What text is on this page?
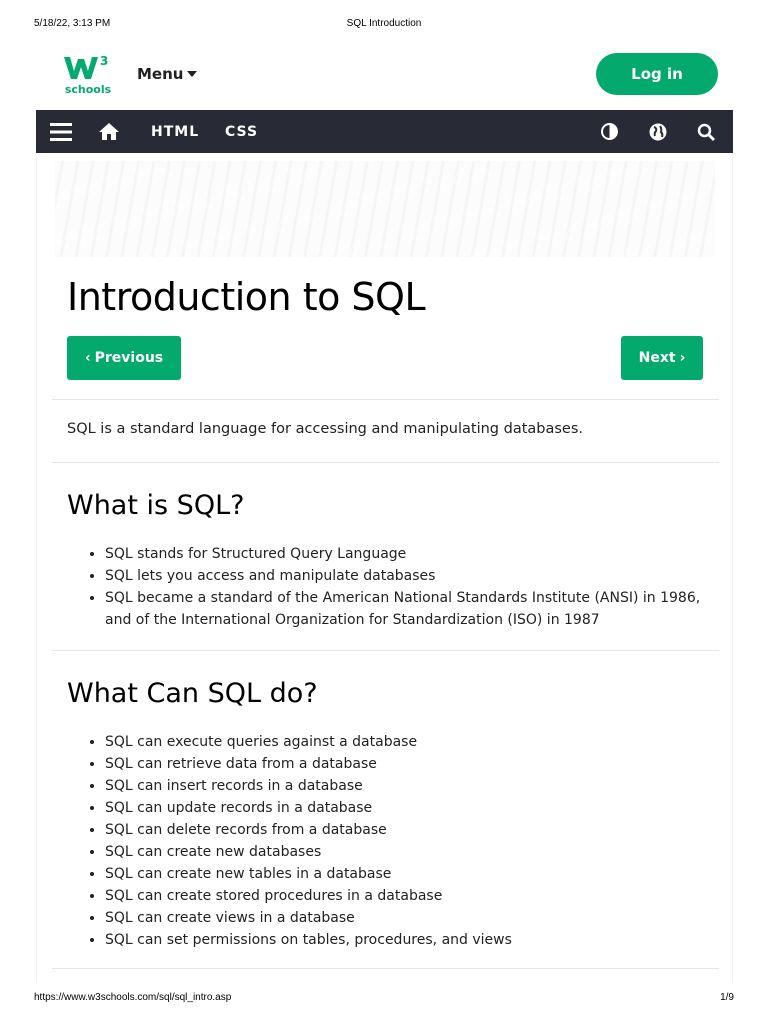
5/18/22, 3:13 PM	SQL Introduction
3
schools
Menu	Log in
HTML CSS
Introduction to SQL
‹ Previous	Next ›

SQL is a standard language for accessing and manipulating databases.

What is SQL?
• SQL stands for Structured Query Language
• SQL lets you access and manipulate databases
• SQL became a standard of the American National Standards Institute (ANSI) in 1986, and of the International Organization for Standardization (ISO) in 1987
What Can SQL do?
• SQL can execute queries against a database
• SQL can retrieve data from a database
• SQL can insert records in a database
• SQL can update records in a database
• SQL can delete records from a database
• SQL can create new databases
• SQL can create new tables in a database
• SQL can create stored procedures in a database
• SQL can create views in a database
• SQL can set permissions on tables, procedures, and views
https://www.w3schools.com/sql/sql_intro.asp	1/9
